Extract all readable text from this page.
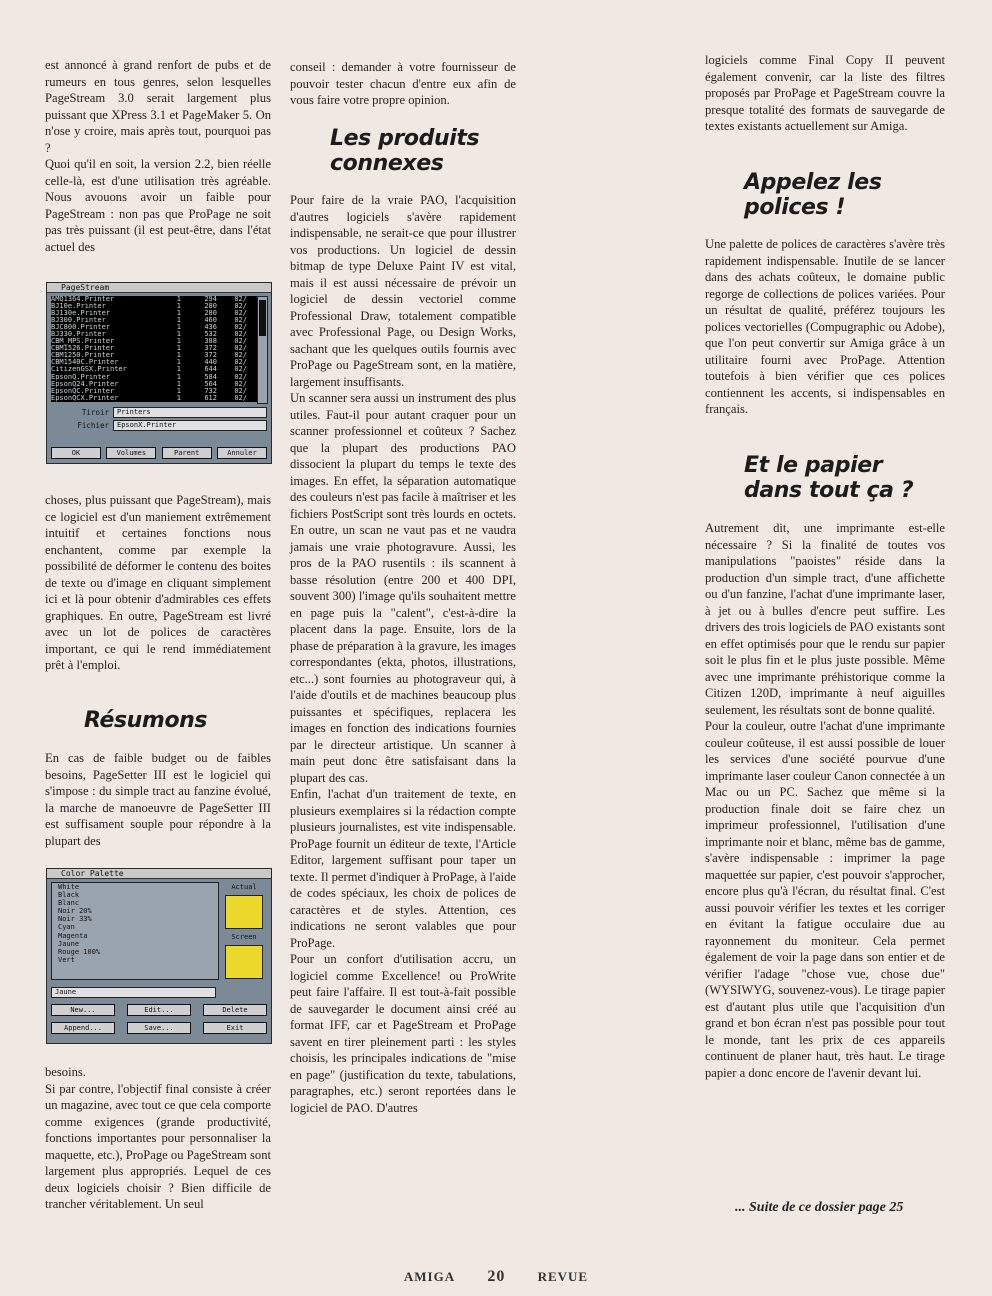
est annoncé à grand renfort de pubs et de rumeurs en tous genres, selon lesquelles PageStream 3.0 serait largement plus puissant que XPress 3.1 et PageMaker 5. On n'ose y croire, mais après tout, pourquoi pas ?

Quoi qu'il en soit, la version 2.2, bien réelle celle-là, est d'une utilisation très agréable. Nous avouons avoir un faible pour PageStream : non pas que ProPage ne soit pas très puissant (il est peut-être, dans l'état actuel des

PageStream
AMQ1364.Printer	1	294	02/
BJ10e.Printer	1	280	02/
BJ130e.Printer	1	280	02/
BJ300.Printer	1	460	02/
BJC800.Printer	1	436	02/
BJ330.Printer	1	532	02/
CBM_MPS.Printer	1	388	02/
CBM1526.Printer	1	372	02/
CBM1250.Printer	1	372	02/
CBM1540C.Printer	1	440	02/
CitizenGSX.Printer	1	644	02/
EpsonQ.Printer	1	584	02/
EpsonQ24.Printer	1	564	02/
EpsonQC.Printer	1	732	02/
EpsonQCX.Printer	1	612	02/
Tiroir	Printers
Fichier	EpsonX.Printer
OK	Volumes	Parent	Annuler

choses, plus puissant que PageStream), mais ce logiciel est d'un maniement extrêmement intuitif et certaines fonctions nous enchantent, comme par exemple la possibilité de déformer le contenu des boites de texte ou d'image en cliquant simplement ici et là pour obtenir d'admirables ces effets graphiques. En outre, PageStream est livré avec un lot de polices de caractères important, ce qui le rend immédiatement prêt à l'emploi.

Résumons

En cas de faible budget ou de faibles besoins, PageSetter III est le logiciel qui s'impose : du simple tract au fanzine évolué, la marche de manoeuvre de PageSetter III est suffisament souple pour répondre à la plupart des

Color Palette
White
Black
Blanc
Noir 20%
Noir 33%
Cyan
Magenta
Jaune
Rouge 100%
Vert
Actual
Screen
Jaune
New...	Edit...	Delete
Append...	Save...	Exit

besoins.

Si par contre, l'objectif final consiste à créer un magazine, avec tout ce que cela comporte comme exigences (grande productivité, fonctions importantes pour personnaliser la maquette, etc.), ProPage ou PageStream sont largement plus appropriés. Lequel de ces deux logiciels choisir ? Bien difficile de trancher véritablement. Un seul

conseil : demander à votre fournisseur de pouvoir tester chacun d'entre eux afin de vous faire votre propre opinion.

Les produits
connexes

Pour faire de la vraie PAO, l'acquisition d'autres logiciels s'avère rapidement indispensable, ne serait-ce que pour illustrer vos productions. Un logiciel de dessin bitmap de type Deluxe Paint IV est vital, mais il est aussi nécessaire de prévoir un logiciel de dessin vectoriel comme Professional Draw, totalement compatible avec Professional Page, ou Design Works, sachant que les quelques outils fournis avec ProPage ou PageStream sont, en la matière, largement insuffisants.

Un scanner sera aussi un instrument des plus utiles. Faut-il pour autant craquer pour un scanner professionnel et coûteux ? Sachez que la plupart des productions PAO dissocient la plupart du temps le texte des images. En effet, la séparation automatique des couleurs n'est pas facile à maîtriser et les fichiers PostScript sont très lourds en octets. En outre, un scan ne vaut pas et ne vaudra jamais une vraie photogravure. Aussi, les pros de la PAO rusentils : ils scannent à basse résolution (entre 200 et 400 DPI, souvent 300) l'image qu'ils souhaitent mettre en page puis la "calent", c'est-à-dire la placent dans la page. Ensuite, lors de la phase de préparation à la gravure, les images correspondantes (ekta, photos, illustrations, etc...) sont fournies au photograveur qui, à l'aide d'outils et de machines beaucoup plus puissantes et spécifiques, replacera les images en fonction des indications fournies par le directeur artistique. Un scanner à main peut donc être satisfaisant dans la plupart des cas.

Enfin, l'achat d'un traitement de texte, en plusieurs exemplaires si la rédaction compte plusieurs journalistes, est vite indispensable. ProPage fournit un éditeur de texte, l'Article Editor, largement suffisant pour taper un texte. Il permet d'indiquer à ProPage, à l'aide de codes spéciaux, les choix de polices de caractères et de styles. Attention, ces indications ne seront valables que pour ProPage.

Pour un confort d'utilisation accru, un logiciel comme Excellence! ou ProWrite peut faire l'affaire. Il est tout-à-fait possible de sauvegarder le document ainsi créé au format IFF, car et PageStream et ProPage savent en tirer pleinement parti : les styles choisis, les principales indications de "mise en page" (justification du texte, tabulations, paragraphes, etc.) seront reportées dans le logiciel de PAO. D'autres

logiciels comme Final Copy II peuvent également convenir, car la liste des filtres proposés par ProPage et PageStream couvre la presque totalité des formats de sauvegarde de textes existants actuellement sur Amiga.

Appelez les
polices !

Une palette de polices de caractères s'avère très rapidement indispensable. Inutile de se lancer dans des achats coûteux, le domaine public regorge de collections de polices variées. Pour un résultat de qualité, préférez toujours les polices vectorielles (Compugraphic ou Adobe), que l'on peut convertir sur Amiga grâce à un utilitaire fourni avec ProPage. Attention toutefois à bien vérifier que ces polices contiennent les accents, si indispensables en français.

Et le papier
dans tout ça ?

Autrement dit, une imprimante est-elle nécessaire ? Si la finalité de toutes vos manipulations "paoistes" réside dans la production d'un simple tract, d'une affichette ou d'un fanzine, l'achat d'une imprimante laser, à jet ou à bulles d'encre peut suffire. Les drivers des trois logiciels de PAO existants sont en effet optimisés pour que le rendu sur papier soit le plus fin et le plus juste possible. Même avec une imprimante préhistorique comme la Citizen 120D, imprimante à neuf aiguilles seulement, les résultats sont de bonne qualité.

Pour la couleur, outre l'achat d'une imprimante couleur coûteuse, il est aussi possible de louer les services d'une société pourvue d'une imprimante laser couleur Canon connectée à un Mac ou un PC. Sachez que même si la production finale doit se faire chez un imprimeur professionnel, l'utilisation d'une imprimante noir et blanc, même bas de gamme, s'avère indispensable : imprimer la page maquettée sur papier, c'est pouvoir s'approcher, encore plus qu'à l'écran, du résultat final. C'est aussi pouvoir vérifier les textes et les corriger en évitant la fatigue occulaire due au rayonnement du moniteur. Cela permet également de voir la page dans son entier et de vérifier l'adage "chose vue, chose due" (WYSIWYG, souvenez-vous). Le tirage papier est d'autant plus utile que l'acquisition d'un grand et bon écran n'est pas possible pour tout le monde, tant les prix de ces appareils continuent de planer haut, très haut. Le tirage papier a donc encore de l'avenir devant lui.

... Suite de ce dossier page 25
AMIGA 20 REVUE
